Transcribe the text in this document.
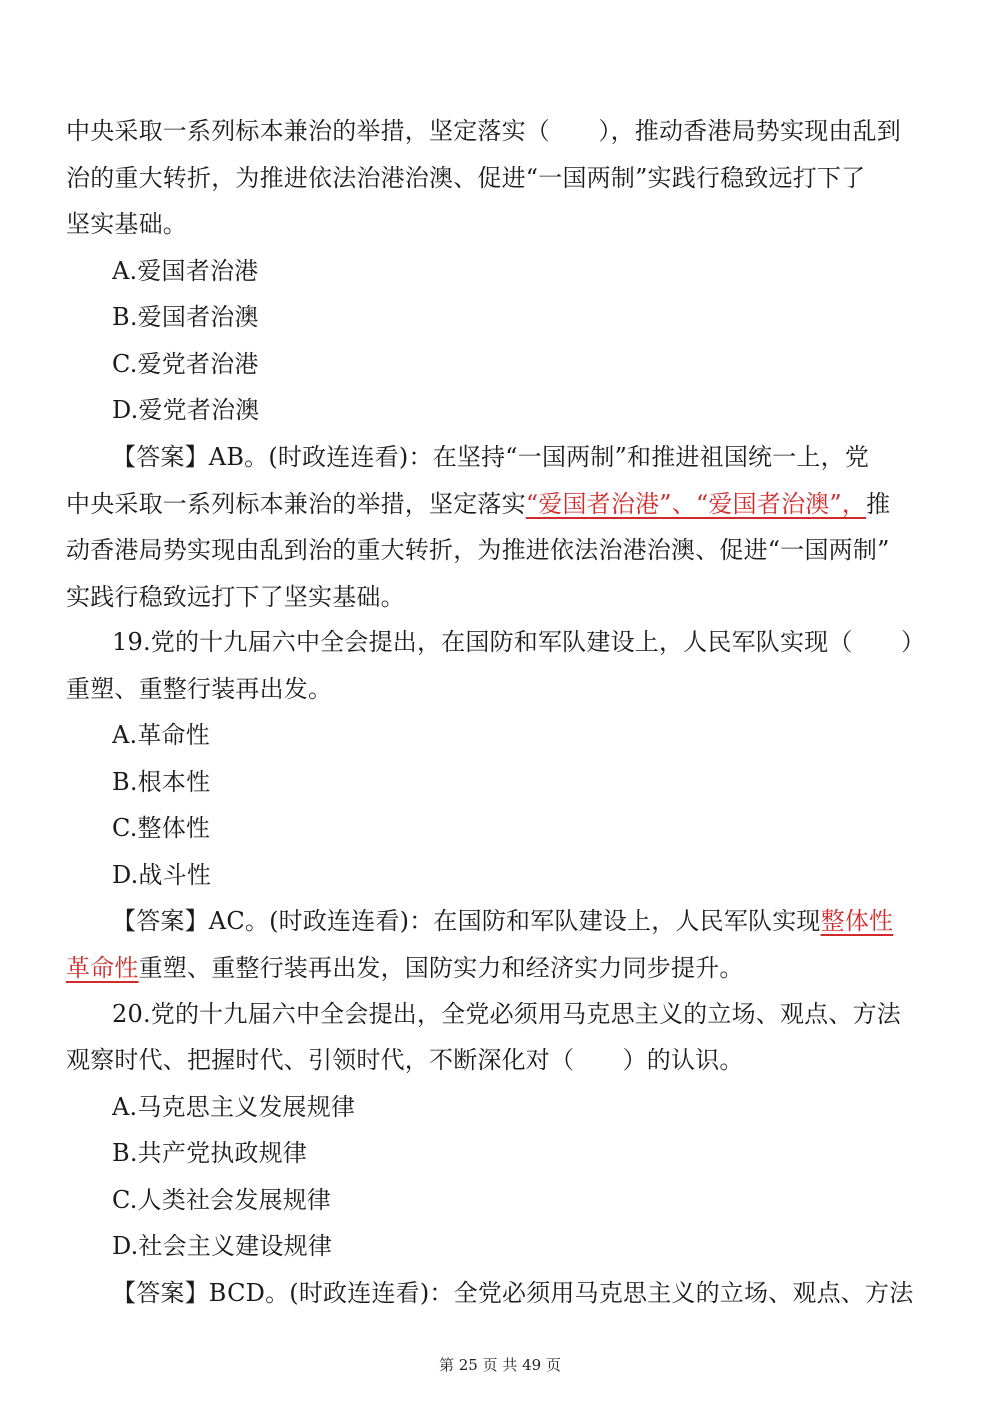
中央采取一系列标本兼治的举措，坚定落实（　　），推动香港局势实现由乱到
治的重大转折，为推进依法治港治澳、促进“一国两制”实践行稳致远打下了
坚实基础。
A.爱国者治港
B.爱国者治澳
C.爱党者治港
D.爱党者治澳
【答案】AB。(时政连连看)：在坚持“一国两制”和推进祖国统一上，党
中央采取一系列标本兼治的举措，坚定落实“爱国者治港”、“爱国者治澳”，推
动香港局势实现由乱到治的重大转折，为推进依法治港治澳、促进“一国两制”
实践行稳致远打下了坚实基础。
19.党的十九届六中全会提出，在国防和军队建设上，人民军队实现（　　）
重塑、重整行装再出发。
A.革命性
B.根本性
C.整体性
D.战斗性
【答案】AC。(时政连连看)：在国防和军队建设上，人民军队实现整体性
革命性重塑、重整行装再出发，国防实力和经济实力同步提升。
20.党的十九届六中全会提出，全党必须用马克思主义的立场、观点、方法
观察时代、把握时代、引领时代，不断深化对（　　）的认识。
A.马克思主义发展规律
B.共产党执政规律
C.人类社会发展规律
D.社会主义建设规律
【答案】BCD。(时政连连看)：全党必须用马克思主义的立场、观点、方法
第 25 页 共 49 页
